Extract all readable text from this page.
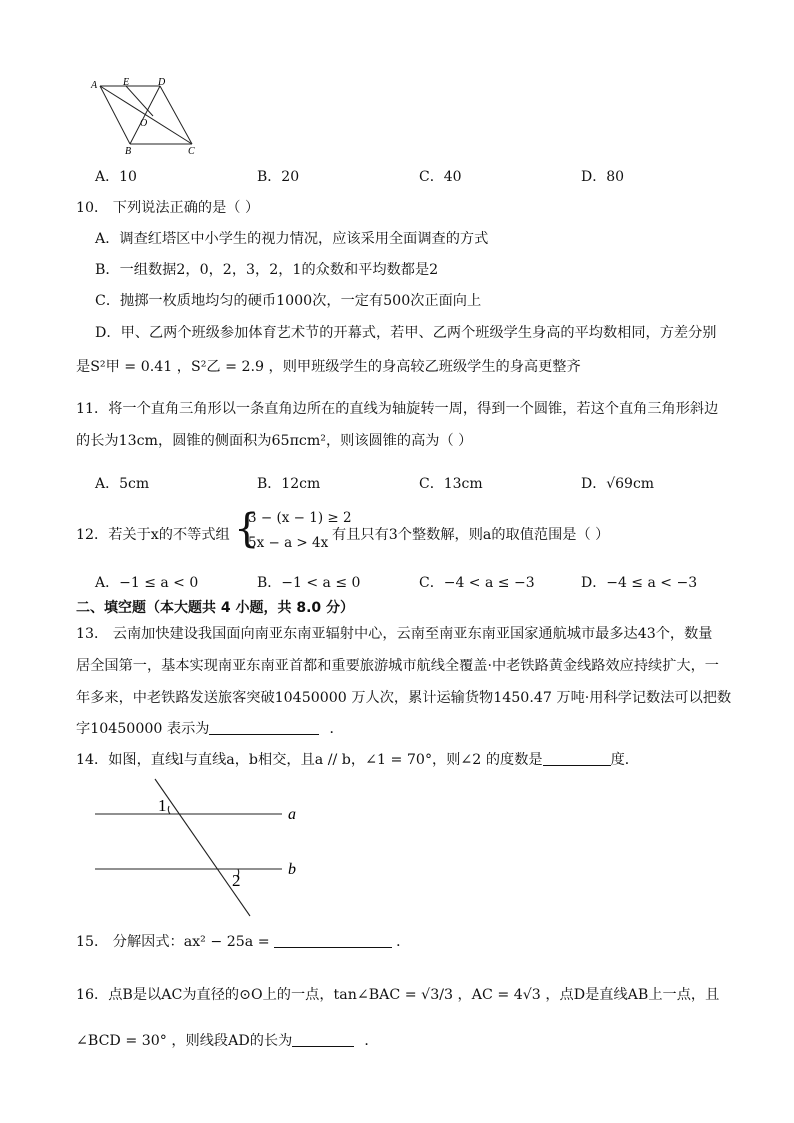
A	E	D
O
B	C
A．10	B．20	C．40	D．80
10． 下列说法正确的是（ ）
A．调查红塔区中小学生的视力情况，应该采用全面调查的方式
B．一组数据2，0，2，3，2，1的众数和平均数都是2
C．抛掷一枚质地均匀的硬币1000次，一定有500次正面向上
D．甲、乙两个班级参加体育艺术节的开幕式，若甲、乙两个班级学生身高的平均数相同，方差分别
是S²甲 = 0.41 ，S²乙 = 2.9 ，则甲班级学生的身高较乙班级学生的身高更整齐
11．将一个直角三角形以一条直角边所在的直线为轴旋转一周，得到一个圆锥，若这个直角三角形斜边
的长为13cm，圆锥的侧面积为65πcm²，则该圆锥的高为（ ）
A．5cm	B．12cm	C．13cm	D．√69cm
12．若关于x的不等式组 {
3 − (x − 1) ≥ 2
5x − a > 4x 有且只有3个整数解，则a的取值范围是（ ）
A．−1 ≤ a < 0	B．−1 < a ≤ 0	C．−4 < a ≤ −3	D．−4 ≤ a < −3
二、填空题（本大题共 4 小题，共 8.0 分）
13． 云南加快建设我国面向南亚东南亚辐射中心，云南至南亚东南亚国家通航城市最多达43个，数量
居全国第一，基本实现南亚东南亚首都和重要旅游城市航线全覆盖·中老铁路黄金线路效应持续扩大，一
年多来，中老铁路发送旅客突破10450000 万人次，累计运输货物1450.47 万吨·用科学记数法可以把数
字10450000 表示为	．
14．如图，直线l与直线a，b相交，且a // b，∠1 = 70°，则∠2 的度数是	度．
1
2
a
b
15． 分解因式：ax² − 25a =	．
16．点B是以AC为直径的⊙O上的一点，tan∠BAC = √3/3 ，AC = 4√3 ，点D是直线AB上一点，且
∠BCD = 30° ，则线段AD的长为	．
